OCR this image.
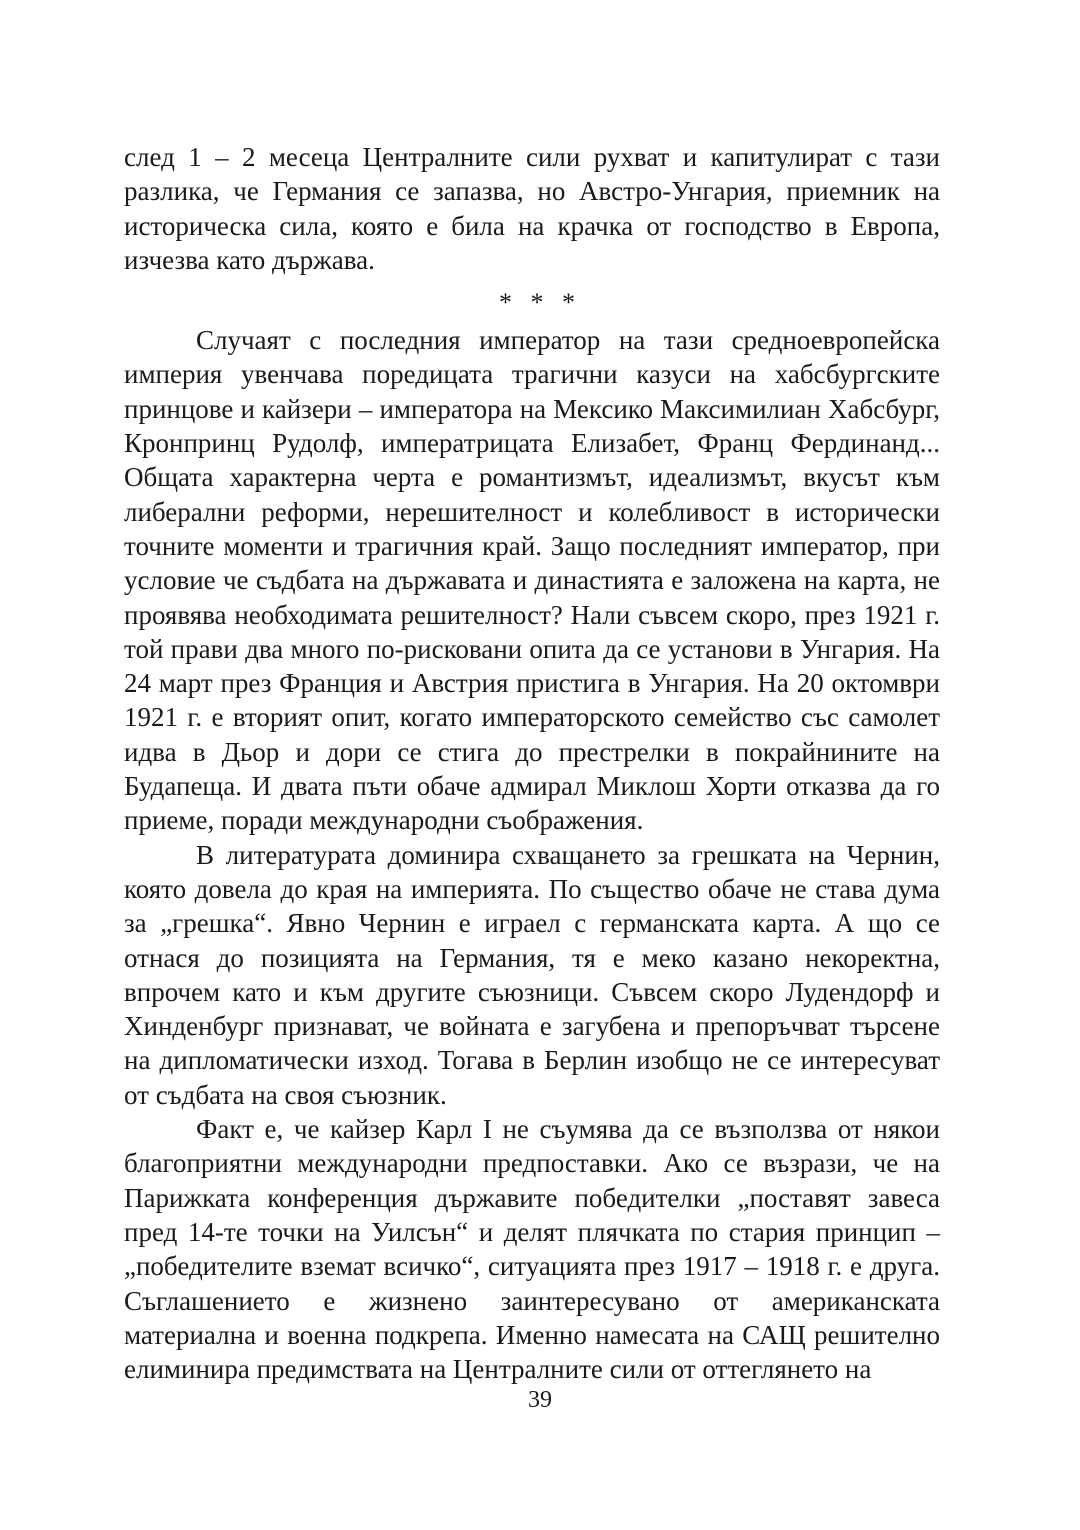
след 1 – 2 месеца Централните сили рухват и капитулират с тази разлика, че Германия се запазва, но Австро-Унгария, приемник на историческа сила, която е била на крачка от господство в Европа, изчезва като държава.

* * *

Случаят с последния император на тази средноевропейска империя увенчава поредицата трагични казуси на хабсбургските принцове и кайзери – императора на Мексико Максимилиан Хабсбург, Кронпринц Рудолф, императрицата Елизабет, Франц Фердинанд... Общата характерна черта е романтизмът, идеализмът, вкусът към либерални реформи, нерешителност и колебливост в исторически точните моменти и трагичния край. Защо последният император, при условие че съдбата на държавата и династията е заложена на карта, не проявява необходимата решителност? Нали съвсем скоро, през 1921 г. той прави два много по-рисковани опита да се установи в Унгария. На 24 март през Франция и Австрия пристига в Унгария. На 20 октомври 1921 г. е вторият опит, когато императорското семейство със самолет идва в Дьор и дори се стига до престрелки в покрайнините на Будапеща. И двата пъти обаче адмирал Миклош Хорти отказва да го приеме, поради международни съображения.

В литературата доминира схващането за грешката на Чернин, която довела до края на империята. По същество обаче не става дума за „грешка“. Явно Чернин е играел с германската карта. А що се отнася до позицията на Германия, тя е меко казано некоректна, впрочем като и към другите съюзници. Съвсем скоро Лудендорф и Хинденбург признават, че войната е загубена и препоръчват търсене на дипломатически изход. Тогава в Берлин изобщо не се интересуват от съдбата на своя съюзник.

Факт е, че кайзер Карл I не съумява да се възползва от някои благоприятни международни предпоставки. Ако се възрази, че на Парижката конференция държавите победителки „поставят завеса пред 14-те точки на Уилсън“ и делят плячката по стария принцип – „победителите вземат всичко“, ситуацията през 1917 – 1918 г. е друга. Съглашението е жизнено заинтересувано от американската материална и военна подкрепа. Именно намесата на САЩ решително елиминира предимствата на Централните сили от оттеглянето на

39
